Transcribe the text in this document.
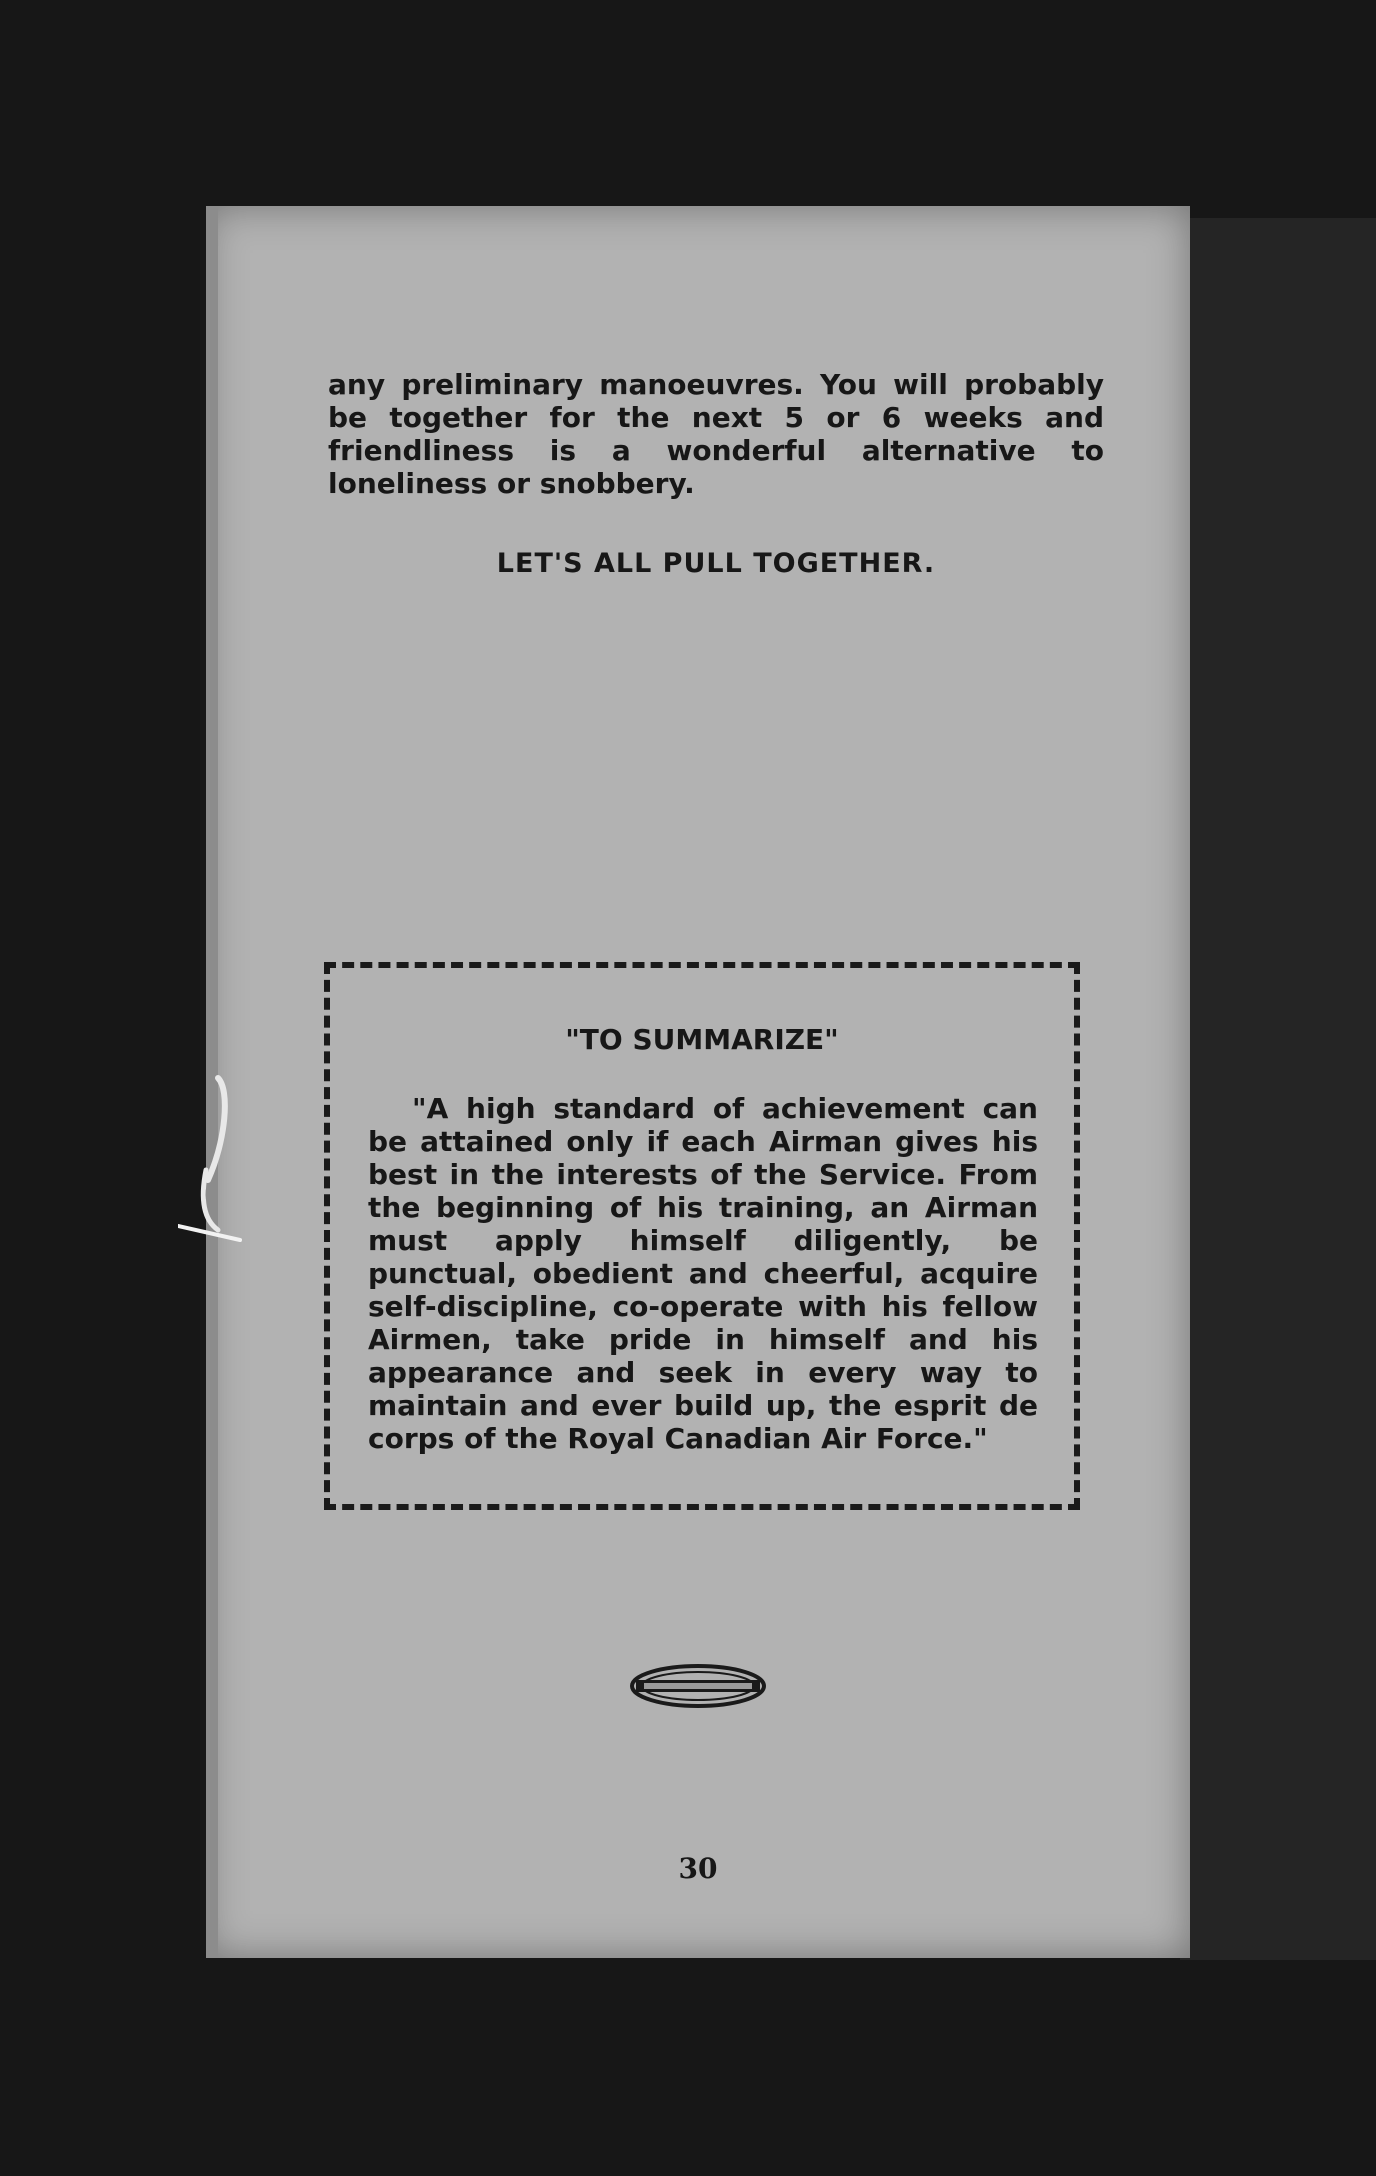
any preliminary manoeuvres. You will probably be together for the next 5 or 6 weeks and friendliness is a wonderful alternative to loneliness or snobbery.

LET'S ALL PULL TOGETHER.

"TO SUMMARIZE"

"A high standard of achievement can be attained only if each Airman gives his best in the interests of the Service. From the beginning of his training, an Airman must apply himself diligently, be punctual, obedient and cheerful, acquire self-discipline, co-operate with his fellow Airmen, take pride in himself and his appearance and seek in every way to maintain and ever build up, the esprit de corps of the Royal Canadian Air Force."

30
